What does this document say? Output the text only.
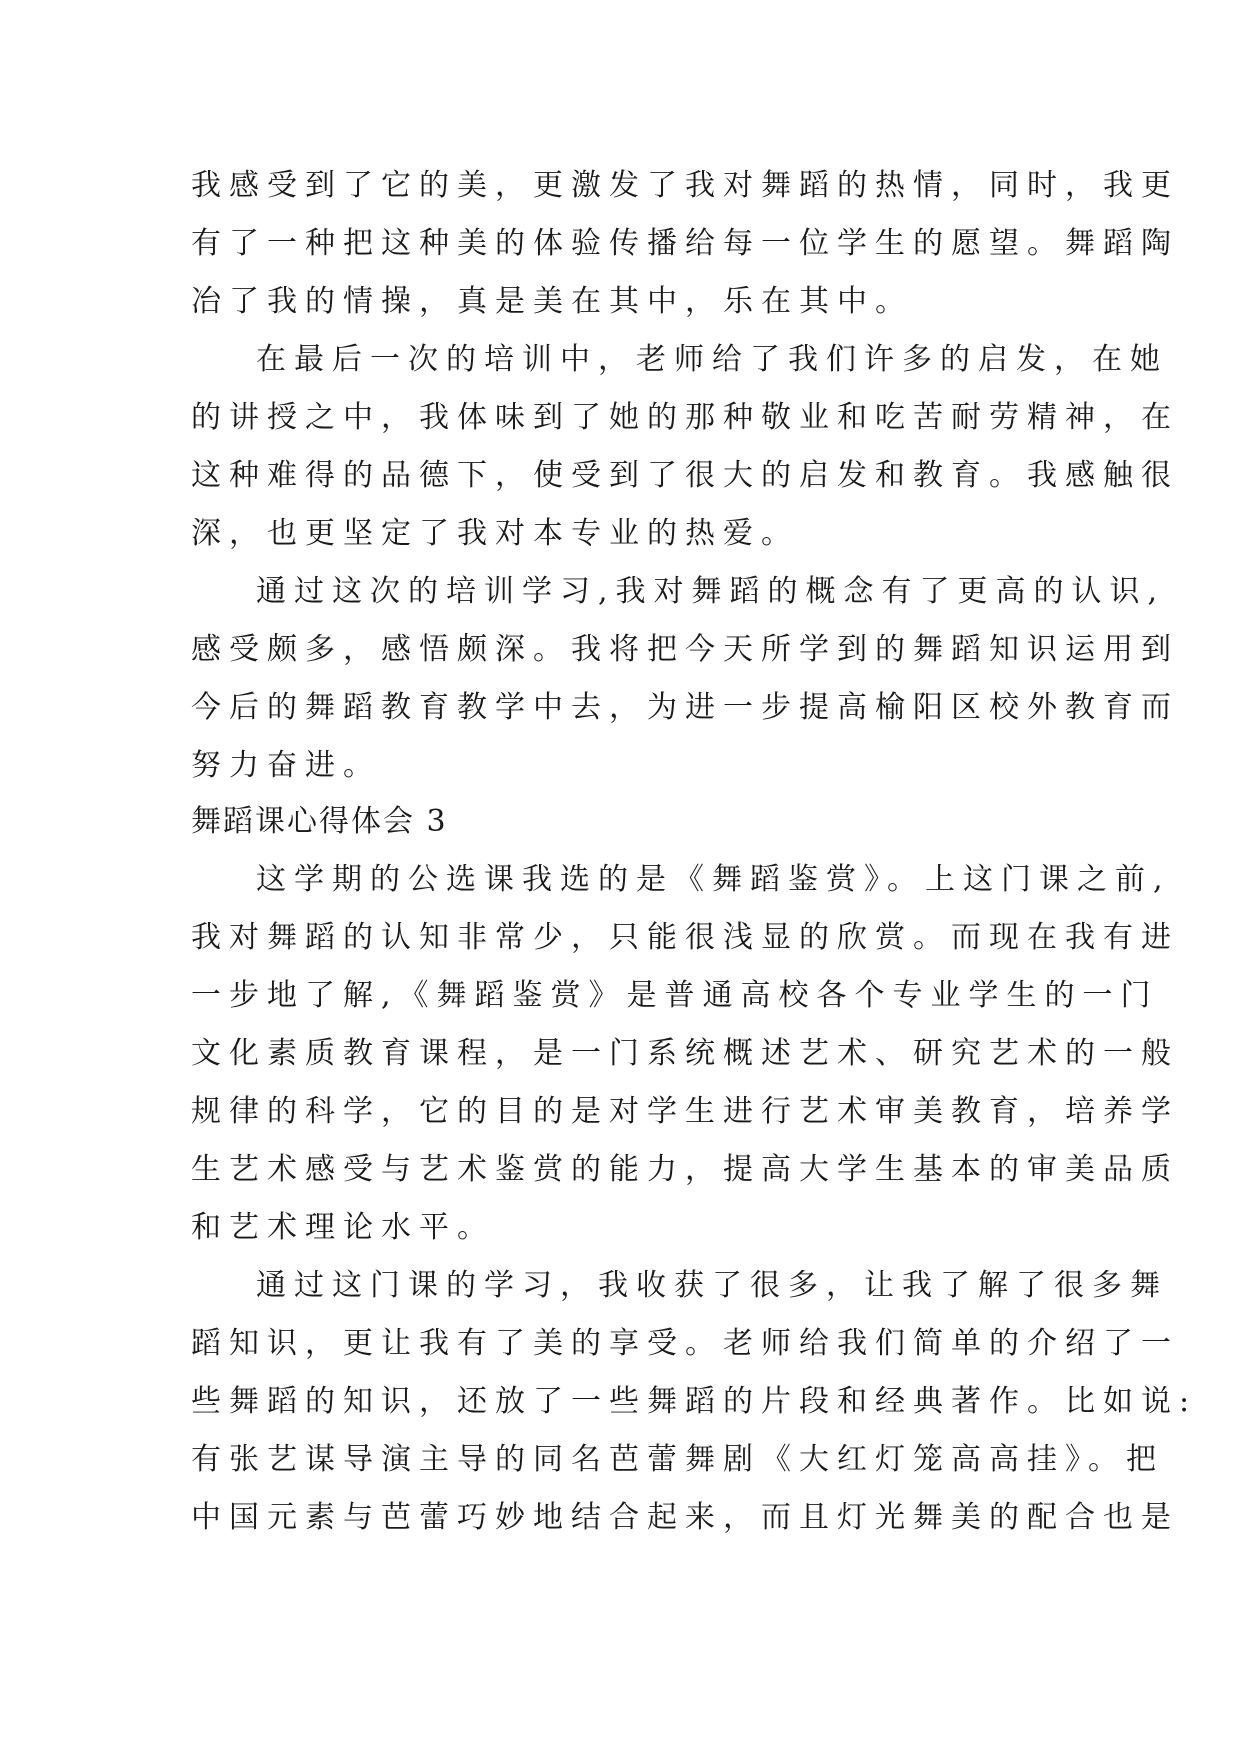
我感受到了它的美，更激发了我对舞蹈的热情，同时，我更
有了一种把这种美的体验传播给每一位学生的愿望。舞蹈陶
冶了我的情操，真是美在其中，乐在其中。
在最后一次的培训中，老师给了我们许多的启发，在她
的讲授之中，我体味到了她的那种敬业和吃苦耐劳精神，在
这种难得的品德下，使受到了很大的启发和教育。我感触很
深，也更坚定了我对本专业的热爱。
通过这次的培训学习,我对舞蹈的概念有了更高的认识,
感受颇多，感悟颇深。我将把今天所学到的舞蹈知识运用到
今后的舞蹈教育教学中去，为进一步提高榆阳区校外教育而
努力奋进。
舞蹈课心得体会 3
这学期的公选课我选的是《舞蹈鉴赏》。上这门课之前,
我对舞蹈的认知非常少，只能很浅显的欣赏。而现在我有进
一步地了解,《舞蹈鉴赏》是普通高校各个专业学生的一门
文化素质教育课程，是一门系统概述艺术、研究艺术的一般
规律的科学，它的目的是对学生进行艺术审美教育，培养学
生艺术感受与艺术鉴赏的能力，提高大学生基本的审美品质
和艺术理论水平。
通过这门课的学习，我收获了很多，让我了解了很多舞
蹈知识，更让我有了美的享受。老师给我们简单的介绍了一
些舞蹈的知识，还放了一些舞蹈的片段和经典著作。比如说:
有张艺谋导演主导的同名芭蕾舞剧《大红灯笼高高挂》。把
中国元素与芭蕾巧妙地结合起来，而且灯光舞美的配合也是
